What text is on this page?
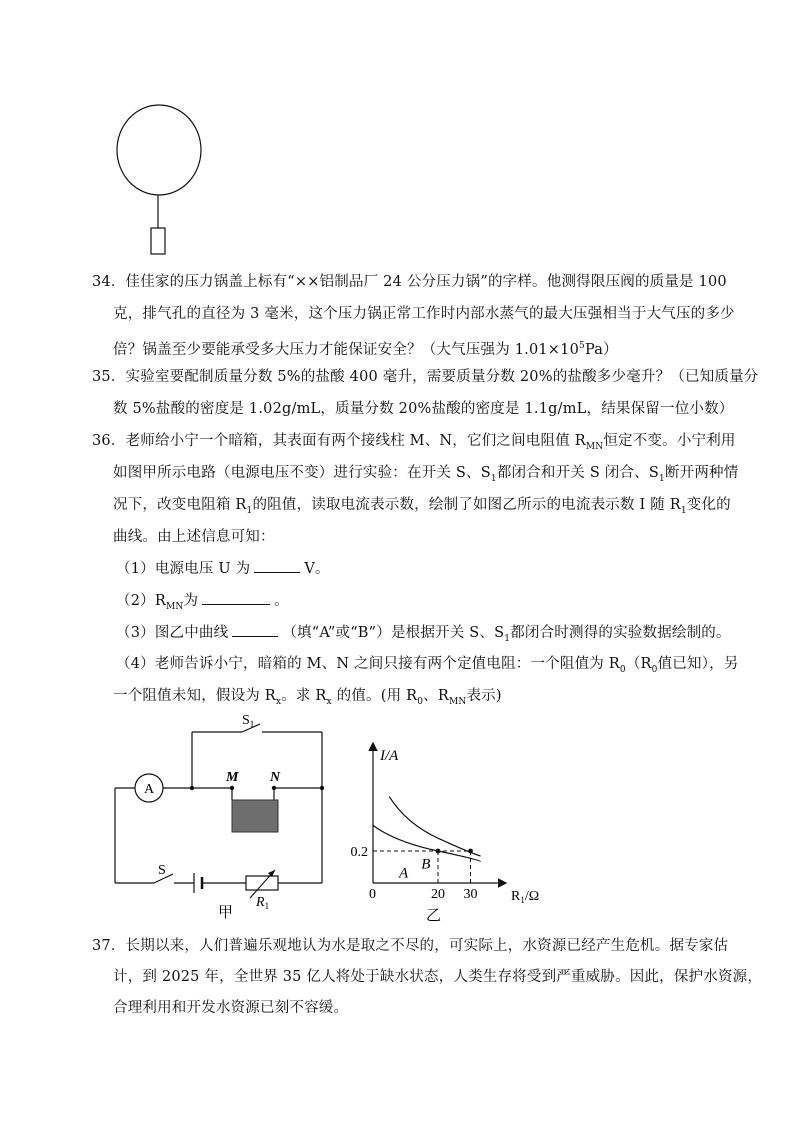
34．佳佳家的压力锅盖上标有“××铝制品厂 24 公分压力锅”的字样。他测得限压阀的质量是 100
克，排气孔的直径为 3 毫米，这个压力锅正常工作时内部水蒸气的最大压强相当于大气压的多少
倍？锅盖至少要能承受多大压力才能保证安全？（大气压强为 $1.01\times 10^5Pa$）
35．实验室要配制质量分数 5%的盐酸 400 毫升，需要质量分数 20%的盐酸多少毫升？（已知质量分
数 5%盐酸的密度是 1.02g/mL，质量分数 20%盐酸的密度是 1.1g/mL，结果保留一位小数）
36．老师给小宁一个暗箱，其表面有两个接线柱 M、N，它们之间电阻值 $R_{MN}$恒定不变。小宁利用
如图甲所示电路（电源电压不变）进行实验：在开关 S、$S_1$都闭合和开关 S 闭合、$S_1$断开两种情
况下，改变电阻箱 $R_1$的阻值，读取电流表示数，绘制了如图乙所示的电流表示数 I 随 $R_1$变化的
曲线。由上述信息可知：
（1）电源电压 U 为	V。
$(2)R_{MN}$为	。
（3）图乙中曲线	（填“A”或“B”）是根据开关 S、$S_1$都闭合时测得的实验数据绘制的。
（4）老师告诉小宁，暗箱的 M、N 之间只接有两个定值电阻：一个阻值为 $R_0(R_0$值已知），另
一个阻值未知，假设为 $R_x$。求 $R_x$ 的值。(用 $R_0$、$R_{MN}$表示)
A
$S_1$
M N
S
$R_1$
甲
I/A
$R_1/\Omega$
0
A
B
20 30
0.2
乙
37．长期以来，人们普遍乐观地认为水是取之不尽的，可实际上，水资源已经产生危机。据专家估
计，到 2025 年，全世界 35 亿人将处于缺水状态，人类生存将受到严重威胁。因此，保护水资源，
合理利用和开发水资源已刻不容缓。
